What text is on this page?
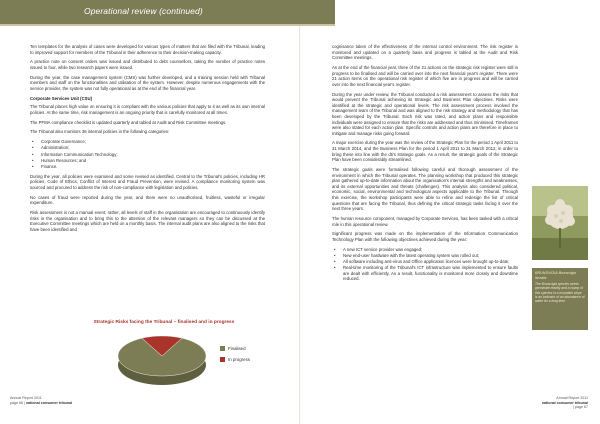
Operational review (continued)

Ten templates for the analysis of cases were developed for various types of matters that are filed with the Tribunal, leading to improved support for members of the Tribunal in their adherence to their decision-making capacity.

A practice note on consent orders was issued and distributed to debt counsellors, taking the number of practice notes issued to four, while two research papers were issued.

During the year, the case management system (CMS) was further developed, and a training session held with Tribunal members and staff on the functionalities and utilisation of the system. However, despite numerous engagements with the service provider, the system was not fully operational as at the end of the financial year.

Corporate Services Unit (CSU)

The Tribunal places high value on ensuring it is compliant with the various policies that apply to it as well as its own internal policies. At the same time, risk management is an ongoing priority that is carefully monitored at all times.

The PFMA compliance checklist is updated quarterly and tabled at Audit and Risk Committee meetings.

The Tribunal also monitors 36 internal policies in the following categories:

• Corporate Governance;
• Administration;
• Information Communication Technology;
• Human Resources; and
• Finance.

During the year, all policies were examined and some revised as identified. Central to the Tribunal's policies, including HR policies, Code of Ethics, Conflict of Interest and Fraud Prevention, were revised. A compliance monitoring system was sourced and procured to address the risk of non-compliance with legislation and policies.

No cases of fraud were reported during the year, and there were no unauthorised, fruitless, wasteful or irregular expenditure.

Risk assessment is not a manual event; rather, all levels of staff in the organisation are encouraged to continuously identify risks in the organisation and to bring this to the attention of the relevant managers so they can be discussed at the Executive Committee meetings which are held on a monthly basis. The internal audit plans are also aligned to the risks that have been identified and

Strategic Risks facing the Tribunal – finalised and in progress
Finalised
In progress

cognisance taken of the effectiveness of the internal control environment. The risk register is monitored and updated on a quarterly basis and progress is tabled at the Audit and Risk Committee meetings.

As at the end of the financial year, three of the 21 actions on the strategic risk register were still in progress to be finalised and will be carried over into the next financial year's register. There were 21 action items on the operational risk register of which five are in progress and will be carried over into the next financial year's register.

During the year under review, the Tribunal conducted a risk assessment to assess the risks that would prevent the Tribunal achieving its Strategic and Business Plan objectives. Risks were identified at the strategic and operational levels. The risk assessment process involved the management team of the Tribunal and was aligned to the risk strategy and methodology that has been developed by the Tribunal. Each risk was rated, and action plans and responsible individuals were assigned to ensure that the risks are addressed and thus minimised. Timeframes were also stated for each action plan. Specific controls and action plans are therefore in place to mitigate and manage risks going forward.

A major exercise during the year was the review of the Strategic Plan for the period 1 April 2011 to 31 March 2014, and the Business Plan for the period 1 April 2011 to 31 March 2012, in order to bring these into line with the dti's strategic goals. As a result, the strategic goals of the Strategic Plan have been considerably streamlined.

The strategic goals were formalised following careful and thorough assessment of the environment in which the Tribunal operates. The planning workshop that produced this strategic plan gathered up-to-date information about the organisation's internal strengths and weaknesses, and its external opportunities and threats (challenges). This analysis also considered political, economic, social, environmental and technological aspects applicable to the Tribunal. Through this exercise, the workshop participants were able to refine and redesign the list of critical questions that are facing the Tribunal, thus defining the critical strategic tasks facing it over the next three years.

The human resource component, managed by Corporate Services, has been tasked with a critical role in this operational review.

Significant progress was made on the implementation of the Information Communication Technology Plan with the following objectives achieved during the year:

• A new ICT service provider was engaged;
• New end-user hardware with the latest operating system was rolled out;
• All software including anti-virus and Office application licences were brought up-to-date;
• Real-time monitoring of the Tribunal's ICT infrastructure was implemented to ensure faults are dealt with efficiently. As a result, functionality is monitored more closely and downtime reduced.
BRUNSVIGIA Brunsvigia litoralis
The Brunsvigia species seeds germinate readily and a clump of this species in a mountain slope is an indicator of an abundance of water for a long time.
Annual Report 2011
page 66 | national consumer tribunal
Annual Report 2011
national consumer tribunal | page 67
